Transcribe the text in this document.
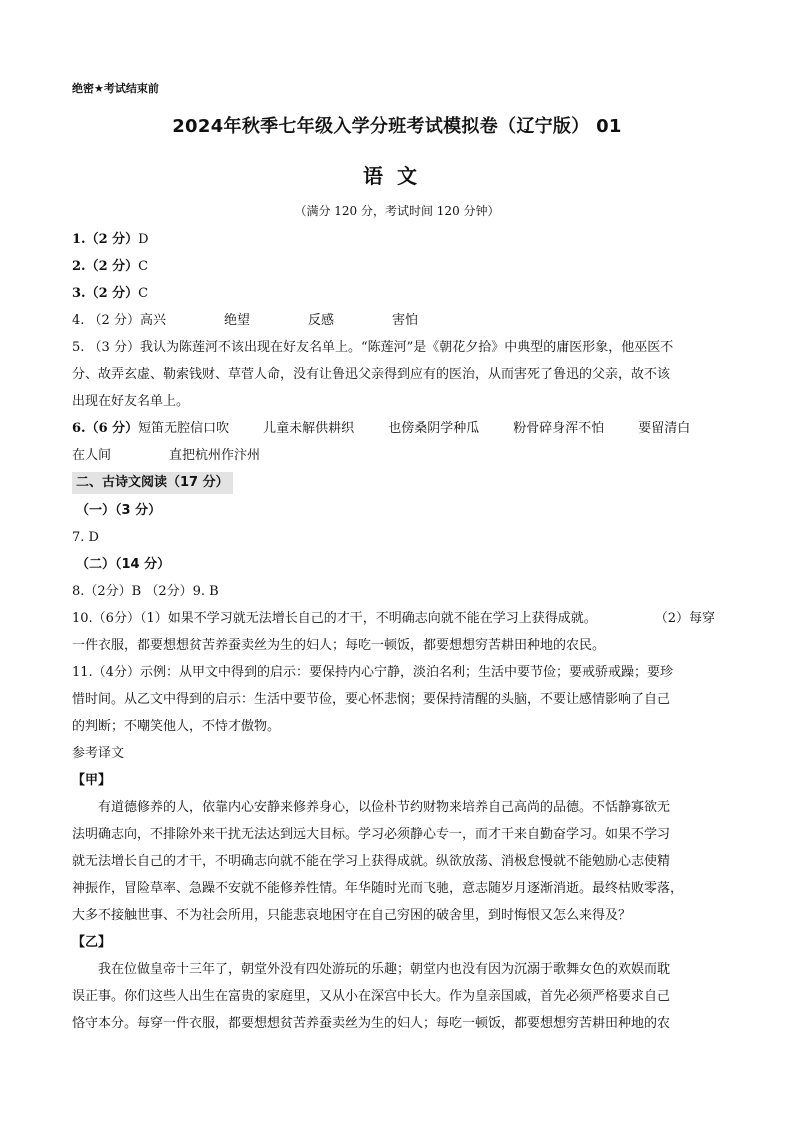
绝密★考试结束前
2024年秋季七年级入学分班考试模拟卷（辽宁版） 01
语文
（满分 120 分，考试时间 120 分钟）
1.（2 分）D
2.（2 分）C
3.（2 分）C
4. （2 分）高兴	绝望	反感	害怕
5. （3 分）我认为陈莲河不该出现在好友名单上。“陈莲河”是《朝花夕拾》中典型的庸医形象，他巫医不
分、故弄玄虚、勒索钱财、草菅人命，没有让鲁迅父亲得到应有的医治，从而害死了鲁迅的父亲，故不该
出现在好友名单上。
6.（6 分）短笛无腔信口吹	儿童未解供耕织	也傍桑阴学种瓜	粉骨碎身浑不怕	要留清白
在人间	直把杭州作汴州
二、古诗文阅读（17 分）
（一）（3 分）
7. D
（二）（14 分）
8.（2分）B （2分）9. B
10.（6分）（1）如果不学习就无法增长自己的才干，不明确志向就不能在学习上获得成就。	（2）每穿
一件衣服，都要想想贫苦养蚕卖丝为生的妇人；每吃一顿饭，都要想想穷苦耕田种地的农民。
11.（4分）示例：从甲文中得到的启示：要保持内心宁静，淡泊名利；生活中要节俭；要戒骄戒躁；要珍
惜时间。从乙文中得到的启示：生活中要节俭，要心怀悲悯；要保持清醒的头脑，不要让感情影响了自己
的判断；不嘲笑他人，不恃才傲物。
参考译文
【甲】
有道德修养的人，依靠内心安静来修养身心，以俭朴节约财物来培养自己高尚的品德。不恬静寡欲无
法明确志向，不排除外来干扰无法达到远大目标。学习必须静心专一，而才干来自勤奋学习。如果不学习
就无法增长自己的才干，不明确志向就不能在学习上获得成就。纵欲放荡、消极怠慢就不能勉励心志使精
神振作，冒险草率、急躁不安就不能修养性情。年华随时光而飞驰，意志随岁月逐渐消逝。最终枯败零落，
大多不接触世事、不为社会所用，只能悲哀地困守在自己穷困的破舍里，到时悔恨又怎么来得及？
【乙】
我在位做皇帝十三年了，朝堂外没有四处游玩的乐趣；朝堂内也没有因为沉溺于歌舞女色的欢娱而耽
误正事。你们这些人出生在富贵的家庭里，又从小在深宫中长大。作为皇亲国戚，首先必须严格要求自己
恪守本分。每穿一件衣服，都要想想贫苦养蚕卖丝为生的妇人；每吃一顿饭，都要想想穷苦耕田种地的农
